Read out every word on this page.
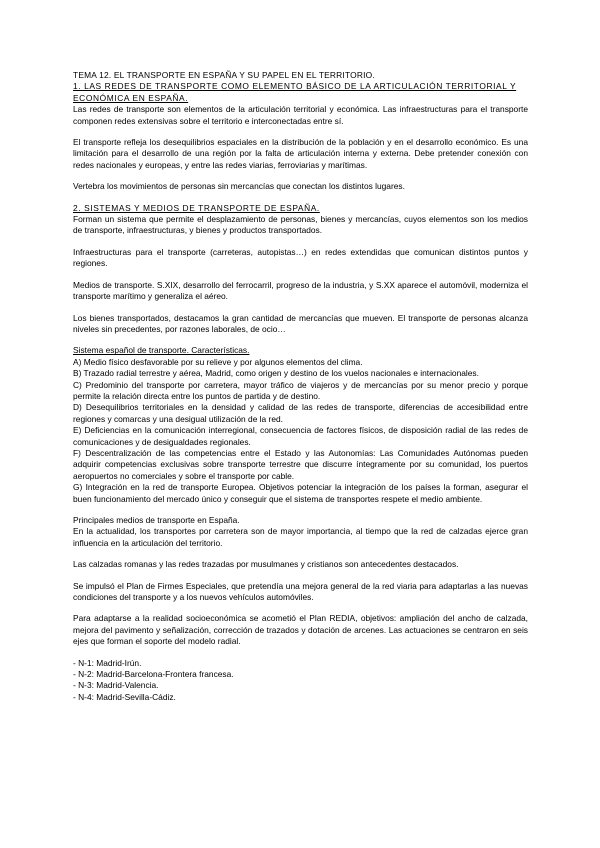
TEMA 12. EL TRANSPORTE EN ESPAÑA Y SU PAPEL EN EL TERRITORIO.
1. LAS REDES DE TRANSPORTE COMO ELEMENTO BÁSICO DE LA ARTICULACIÓN TERRITORIAL Y ECONÓMICA EN ESPAÑA.

Las redes de transporte son elementos de la articulación territorial y económica. Las infraestructuras para el transporte componen redes extensivas sobre el territorio e interconectadas entre sí.

El transporte refleja los desequilibrios espaciales en la distribución de la población y en el desarrollo económico. Es una limitación para el desarrollo de una región por la falta de articulación interna y externa. Debe pretender conexión con redes nacionales y europeas, y entre las redes viarias, ferroviarias y marítimas.

Vertebra los movimientos de personas sin mercancías que conectan los distintos lugares.

2. SISTEMAS Y MEDIOS DE TRANSPORTE DE ESPAÑA.

Forman un sistema que permite el desplazamiento de personas, bienes y mercancías, cuyos elementos son los medios de transporte, infraestructuras, y bienes y productos transportados.

Infraestructuras para el transporte (carreteras, autopistas…) en redes extendidas que comunican distintos puntos y regiones.

Medios de transporte. S.XIX, desarrollo del ferrocarril, progreso de la industria, y S.XX aparece el automóvil, moderniza el transporte marítimo y generaliza el aéreo.

Los bienes transportados, destacamos la gran cantidad de mercancías que mueven. El transporte de personas alcanza niveles sin precedentes, por razones laborales, de ocio…

Sistema español de transporte. Características.
A) Medio físico desfavorable por su relieve y por algunos elementos del clima.
B) Trazado radial terrestre y aérea, Madrid, como origen y destino de los vuelos nacionales e internacionales.
C) Predominio del transporte por carretera, mayor tráfico de viajeros y de mercancías por su menor precio y porque permite la relación directa entre los puntos de partida y de destino.
D) Desequilibrios territoriales en la densidad y calidad de las redes de transporte, diferencias de accesibilidad entre regiones y comarcas y una desigual utilización de la red.
E) Deficiencias en la comunicación interregional, consecuencia de factores físicos, de disposición radial de las redes de comunicaciones y de desigualdades regionales.
F) Descentralización de las competencias entre el Estado y las Autonomías: Las Comunidades Autónomas pueden adquirir competencias exclusivas sobre transporte terrestre que discurre íntegramente por su comunidad, los puertos aeropuertos no comerciales y sobre el transporte por cable.
G) Integración en la red de transporte Europea. Objetivos potenciar la integración de los países la forman, asegurar el buen funcionamiento del mercado único y conseguir que el sistema de transportes respete el medio ambiente.
Principales medios de transporte en España.
En la actualidad, los transportes por carretera son de mayor importancia, al tiempo que la red de calzadas ejerce gran influencia en la articulación del territorio.

Las calzadas romanas y las redes trazadas por musulmanes y cristianos son antecedentes destacados.

Se impulsó el Plan de Firmes Especiales, que pretendía una mejora general de la red viaria para adaptarlas a las nuevas condiciones del transporte y a los nuevos vehículos automóviles.

Para adaptarse a la realidad socioeconómica se acometió el Plan REDIA, objetivos: ampliación del ancho de calzada, mejora del pavimento y señalización, corrección de trazados y dotación de arcenes. Las actuaciones se centraron en seis ejes que forman el soporte del modelo radial.

- N-1: Madrid-Irún.
- N-2: Madrid-Barcelona-Frontera francesa.
- N-3: Madrid-Valencia.
- N-4: Madrid-Sevilla-Cádiz.
